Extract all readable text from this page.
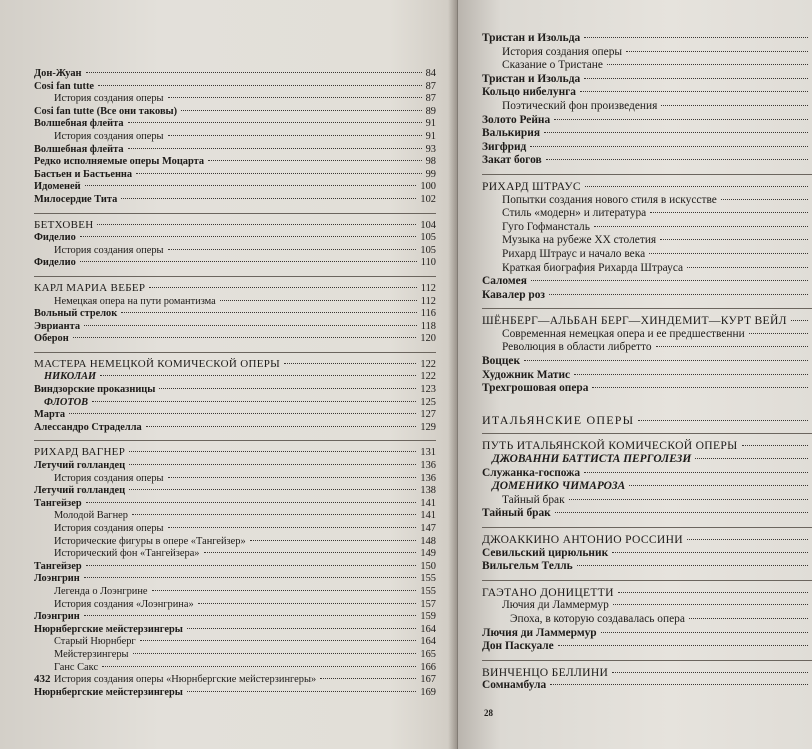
Дон-Жуан	84
Cosi fan tutte	87
История создания оперы	87
Cosi fan tutte (Все они таковы)	89
Волшебная флейта	91
История создания оперы	91
Волшебная флейта	93
Редко исполняемые оперы Моцарта	98
Бастьен и Бастьенна	99
Идоменей	100
Милосердие Тита	102
БЕТХОВЕН	104
Фиделио	105
История создания оперы	105
Фиделио	110
КАРЛ МАРИА ВЕБЕР	112
Немецкая опера на пути романтизма	112
Вольный стрелок	116
Эврианта	118
Оберон	120
МАСТЕРА НЕМЕЦКОЙ КОМИЧЕСКОЙ ОПЕРЫ	122
НИКОЛАИ	122
Виндзорские проказницы	123
ФЛОТОВ	125
Марта	127
Алессандро Страделла	129
РИХАРД ВАГНЕР	131
Летучий голландец	136
История создания оперы	136
Летучий голландец	138
Тангейзер	141
Молодой Вагнер	141
История создания оперы	147
Исторические фигуры в опере «Тангейзер»	148
Исторический фон «Тангейзера»	149
Тангейзер	150
Лоэнгрин	155
Легенда о Лоэнгрине	155
История создания «Лоэнгрина»	157
Лоэнгрин	159
Нюрнбергские мейстерзингеры	164
Старый Нюрнберг	164
Мейстерзингеры	165
Ганс Сакс	166
История создания оперы «Нюрнбергские мейстерзингеры»	167
Нюрнбергские мейстерзингеры	169
Тристан и Изольда
История создания оперы
Сказание о Тристане
Тристан и Изольда
Кольцо нибелунга
Поэтический фон произведения
Золото Рейна
Валькирия
Зигфрид
Закат богов
РИХАРД ШТРАУС
Попытки создания нового стиля в искусстве
Стиль «модерн» и литература
Гуго Гофмансталь
Музыка на рубеже XX столетия
Рихард Штраус и начало века
Краткая биография Рихарда Штрауса
Саломея
Кавалер роз
ШЁНБЕРГ—АЛЬБАН БЕРГ—ХИНДЕМИТ—КУРТ ВЕЙЛ
Современная немецкая опера и ее предшественни
Революция в области либретто
Воццек
Художник Матис
Трехгрошовая опера
ИТАЛЬЯНСКИЕ ОПЕРЫ
ПУТЬ ИТАЛЬЯНСКОЙ КОМИЧЕСКОЙ ОПЕРЫ
ДЖОВАННИ БАТТИСТА ПЕРГОЛЕЗИ
Служанка-госпожа
ДОМЕНИКО ЧИМАРОЗА
Тайный брак
Тайный брак
ДЖОАККИНО АНТОНИО РОССИНИ
Севильский цирюльник
Вильгельм Телль
ГАЭТАНО ДОНИЦЕТТИ
Лючия ди Ламмермур
Эпоха, в которую создавалась опера
Лючия ди Ламмермур
Дон Паскуале
ВИНЧЕНЦО БЕЛЛИНИ
Сомнамбула
432
28
